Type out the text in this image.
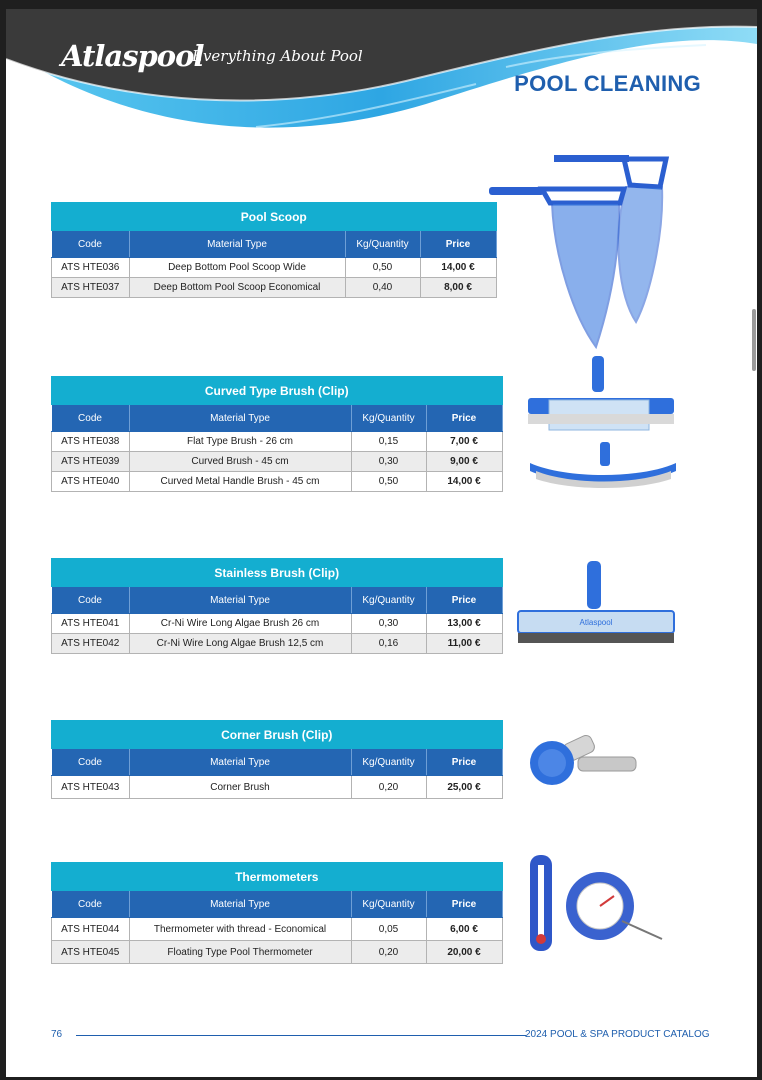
Atlaspool
Everything About Pool
POOL CLEANING
Pool Scoop			
Code	Material Type	Kg/Quantity	Price
ATS HTE036	Deep Bottom Pool Scoop Wide	0,50	14,00 €
ATS HTE037	Deep Bottom Pool Scoop Economical	0,40	8,00 €
Curved Type Brush (Clip)			
Code	Material Type	Kg/Quantity	Price
ATS HTE038	Flat Type Brush - 26 cm	0,15	7,00 €
ATS HTE039	Curved Brush - 45 cm	0,30	9,00 €
ATS HTE040	Curved Metal Handle Brush - 45 cm	0,50	14,00 €
Stainless Brush (Clip)			
Code	Material Type	Kg/Quantity	Price
ATS HTE041	Cr-Ni Wire Long Algae Brush 26 cm	0,30	13,00 €
ATS HTE042	Cr-Ni Wire Long Algae Brush 12,5 cm	0,16	11,00 €
Corner Brush (Clip)			
Code	Material Type	Kg/Quantity	Price
ATS HTE043	Corner Brush	0,20	25,00 €
Thermometers			
Code	Material Type	Kg/Quantity	Price
ATS HTE044	Thermometer with thread - Economical	0,05	6,00 €
ATS HTE045	Floating Type Pool Thermometer	0,20	20,00 €
Atlaspool
76	2024 POOL & SPA PRODUCT CATALOG
